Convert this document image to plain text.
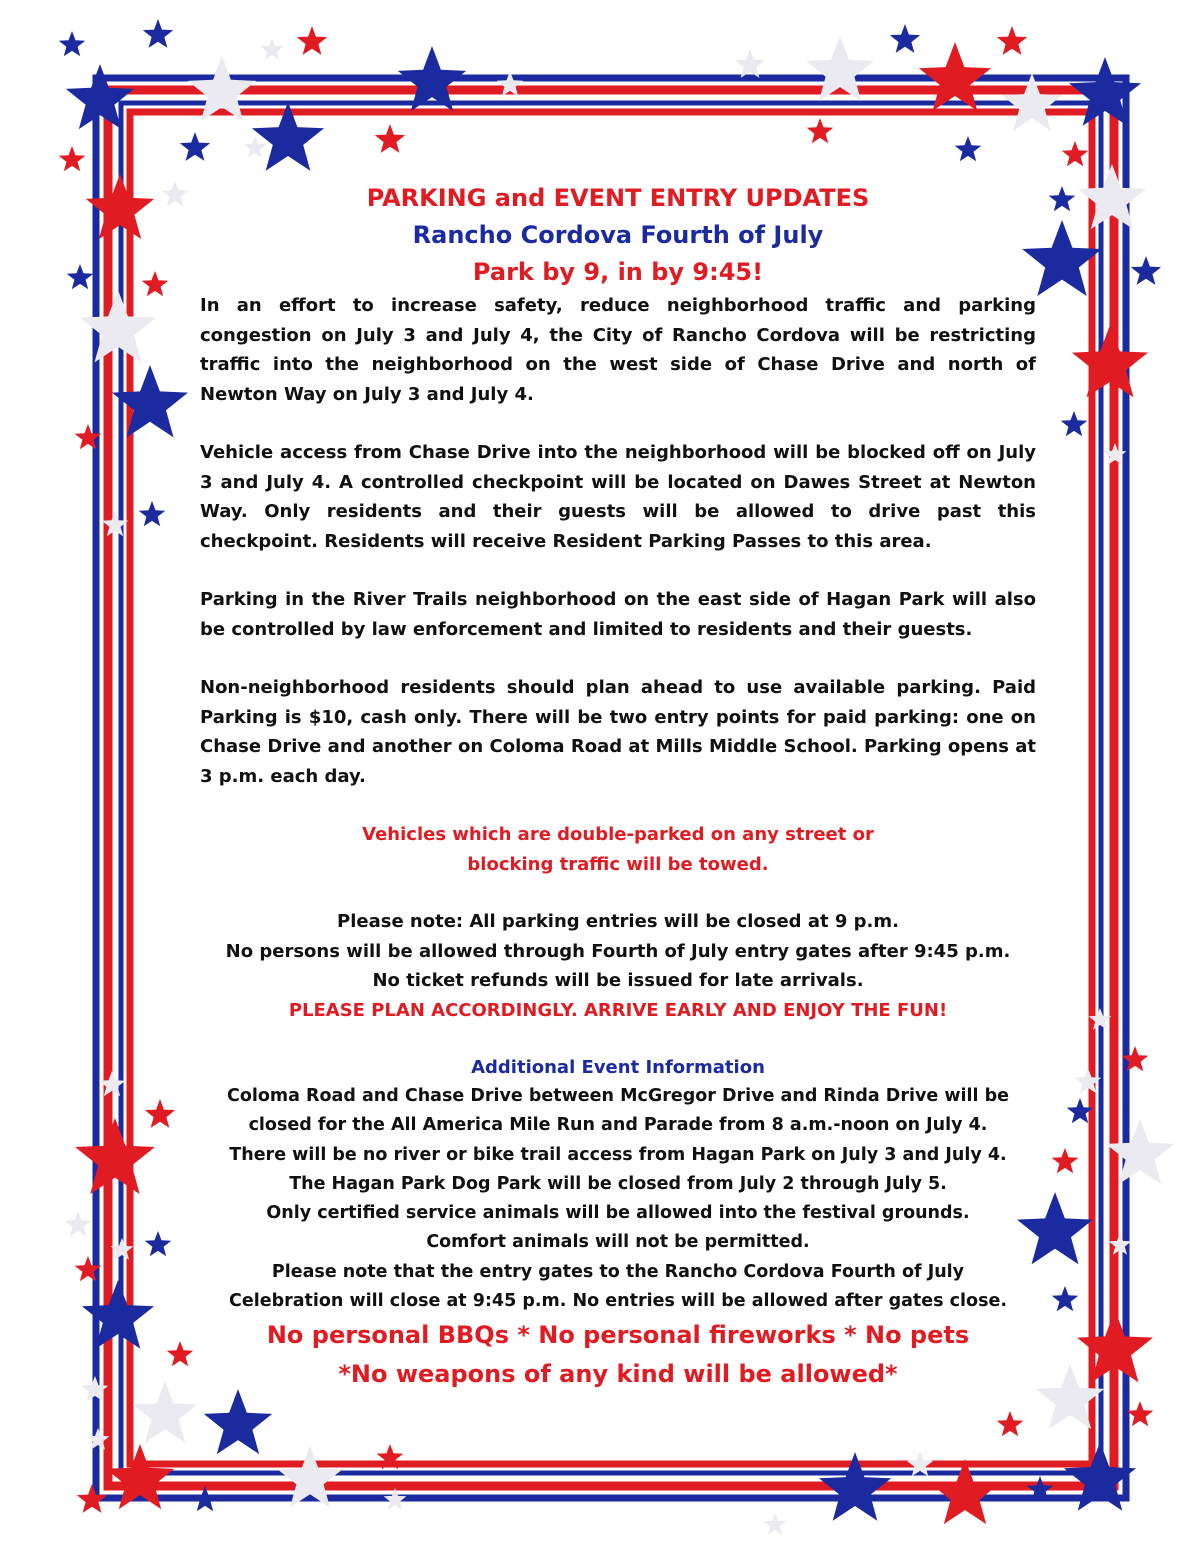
PARKING and EVENT ENTRY UPDATES
Rancho Cordova Fourth of July
Park by 9, in by 9:45!

In an effort to increase safety, reduce neighborhood traffic and parking congestion on July 3 and July 4, the City of Rancho Cordova will be restricting traffic into the neighborhood on the west side of Chase Drive and north of Newton Way on July 3 and July 4.

Vehicle access from Chase Drive into the neighborhood will be blocked off on July 3 and July 4. A controlled checkpoint will be located on Dawes Street at Newton Way. Only residents and their guests will be allowed to drive past this checkpoint. Residents will receive Resident Parking Passes to this area.

Parking in the River Trails neighborhood on the east side of Hagan Park will also be controlled by law enforcement and limited to residents and their guests.

Non-neighborhood residents should plan ahead to use available parking. Paid Parking is $10, cash only. There will be two entry points for paid parking: one on Chase Drive and another on Coloma Road at Mills Middle School. Parking opens at 3 p.m. each day.

Vehicles which are double-parked on any street or
blocking traffic will be towed.
Please note: All parking entries will be closed at 9 p.m.
No persons will be allowed through Fourth of July entry gates after 9:45 p.m.
No ticket refunds will be issued for late arrivals.
PLEASE PLAN ACCORDINGLY. ARRIVE EARLY AND ENJOY THE FUN!
Additional Event Information
Coloma Road and Chase Drive between McGregor Drive and Rinda Drive will be
closed for the All America Mile Run and Parade from 8 a.m.-noon on July 4.
There will be no river or bike trail access from Hagan Park on July 3 and July 4.
The Hagan Park Dog Park will be closed from July 2 through July 5.
Only certified service animals will be allowed into the festival grounds.
Comfort animals will not be permitted.
Please note that the entry gates to the Rancho Cordova Fourth of July
Celebration will close at 9:45 p.m. No entries will be allowed after gates close.
No personal BBQs * No personal fireworks * No pets
*No weapons of any kind will be allowed*
